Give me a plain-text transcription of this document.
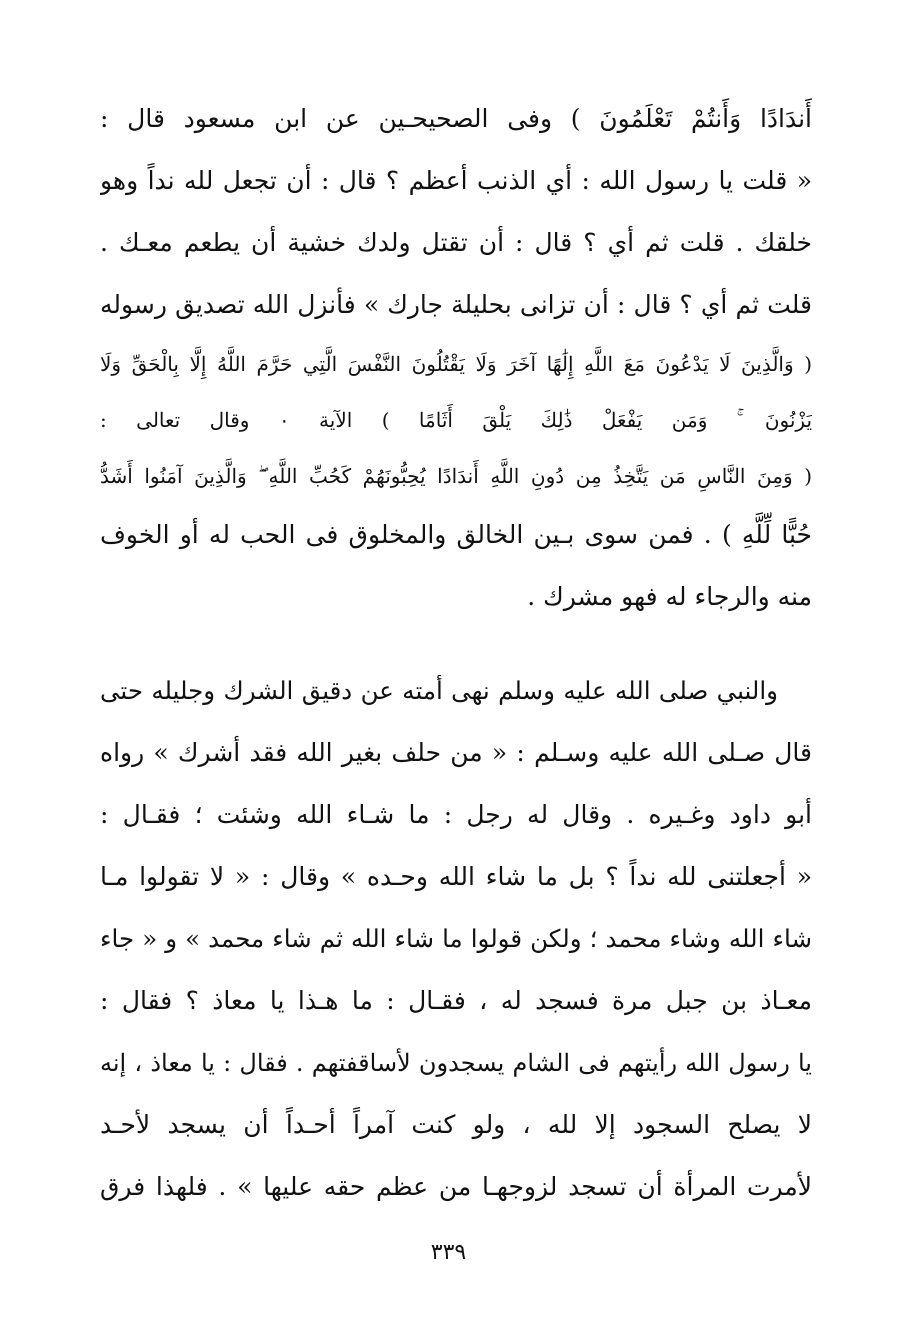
أَندَادًا وَأَنتُمْ تَعْلَمُونَ ) وفى الصحيحـين عن ابن مسعود قال :
« قلت يا رسول الله : أي الذنب أعظم ؟ قال : أن تجعل لله نداً وهو
خلقك . قلت ثم أي ؟ قال : أن تقتل ولدك خشية أن يطعم معـك .
قلت ثم أي ؟ قال : أن تزانى بحليلة جارك » فأنزل الله تصديق رسوله
( وَالَّذِينَ لَا يَدْعُونَ مَعَ اللَّهِ إِلَٰهًا آخَرَ وَلَا يَقْتُلُونَ النَّفْسَ الَّتِي حَرَّمَ اللَّهُ إِلَّا بِالْحَقِّ وَلَا
يَزْنُونَ ۚ وَمَن يَفْعَلْ ذَٰلِكَ يَلْقَ أَثَامًا ) الآية ٠ وقال تعالى :
( وَمِنَ النَّاسِ مَن يَتَّخِذُ مِن دُونِ اللَّهِ أَندَادًا يُحِبُّونَهُمْ كَحُبِّ اللَّهِ ۖ وَالَّذِينَ آمَنُوا أَشَدُّ
حُبًّا لِّلَّهِ ) . فمن سوى بـين الخالق والمخلوق فى الحب له أو الخوف
منه والرجاء له فهو مشرك .
والنبي صلى الله عليه وسلم نهى أمته عن دقيق الشرك وجليله حتى
قال صـلى الله عليه وسـلم : « من حلف بغير الله فقد أشرك » رواه
أبو داود وغـيره . وقال له رجل : ما شـاء الله وشئت ؛ فقـال :
« أجعلتنى لله نداً ؟ بل ما شاء الله وحـده » وقال : « لا تقولوا مـا
شاء الله وشاء محمد ؛ ولكن قولوا ما شاء الله ثم شاء محمد » و « جاء
معـاذ بن جبل مرة فسجد له ، فقـال : ما هـذا يا معاذ ؟ فقال :
يا رسول الله رأيتهم فى الشام يسجدون لأساقفتهم . فقال : يا معاذ ، إنه
لا يصلح السجود إلا لله ، ولو كنت آمراً أحـداً أن يسجد لأحـد
لأمرت المرأة أن تسجد لزوجهـا من عظم حقه عليها » . فلهذا فرق
٣٣٩
